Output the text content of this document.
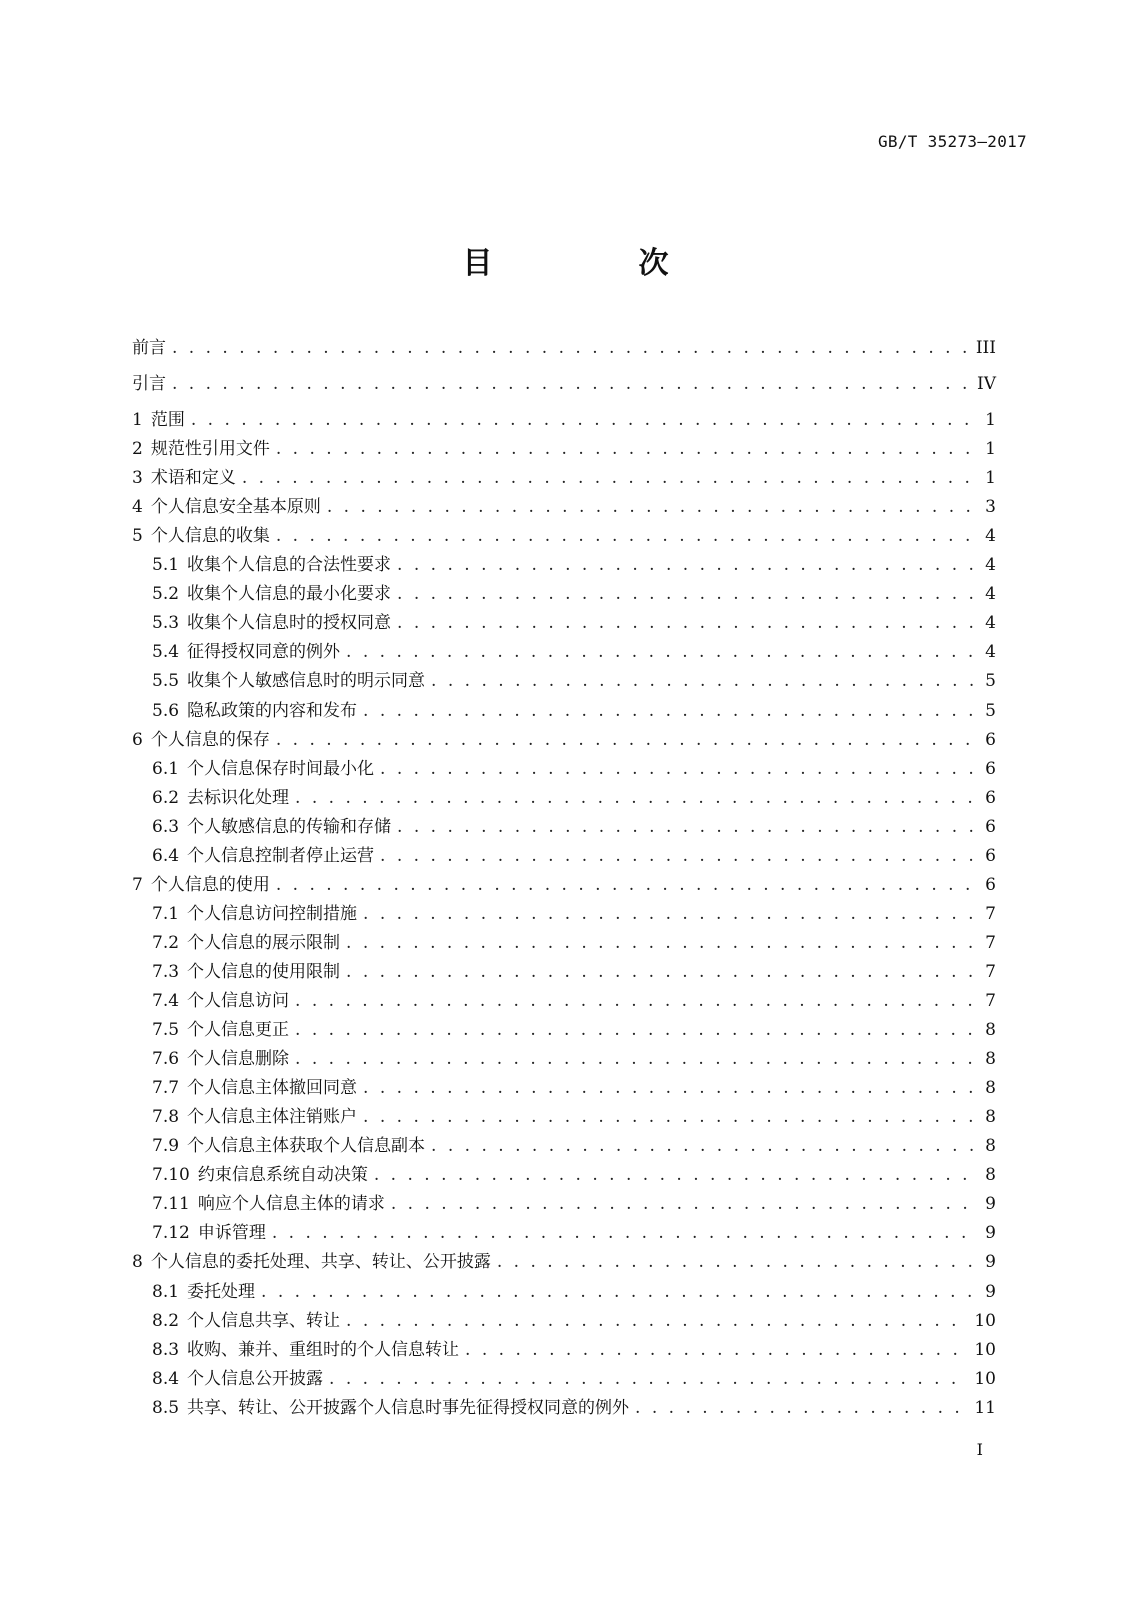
GB/T 35273—2017
目　次
前言 . . .	III
引言 . . .	IV
1 范围 . . .	1
2 规范性引用文件 . . .	1
3 术语和定义 . . .	1
4 个人信息安全基本原则 . . .	3
5 个人信息的收集 . . .	4
5.1 收集个人信息的合法性要求 . . .	4
5.2 收集个人信息的最小化要求 . . .	4
5.3 收集个人信息时的授权同意 . . .	4
5.4 征得授权同意的例外 . . .	4
5.5 收集个人敏感信息时的明示同意 . . .	5
5.6 隐私政策的内容和发布 . . .	5
6 个人信息的保存 . . .	6
6.1 个人信息保存时间最小化 . . .	6
6.2 去标识化处理 . . .	6
6.3 个人敏感信息的传输和存储 . . .	6
6.4 个人信息控制者停止运营 . . .	6
7 个人信息的使用 . . .	6
7.1 个人信息访问控制措施 . . .	7
7.2 个人信息的展示限制 . . .	7
7.3 个人信息的使用限制 . . .	7
7.4 个人信息访问 . . .	7
7.5 个人信息更正 . . .	8
7.6 个人信息删除 . . .	8
7.7 个人信息主体撤回同意 . . .	8
7.8 个人信息主体注销账户 . . .	8
7.9 个人信息主体获取个人信息副本 . . .	8
7.10 约束信息系统自动决策 . . .	8
7.11 响应个人信息主体的请求 . . .	9
7.12 申诉管理 . . .	9
8 个人信息的委托处理、共享、转让、公开披露 . . .	9
8.1 委托处理 . . .	9
8.2 个人信息共享、转让 . . .	10
8.3 收购、兼并、重组时的个人信息转让 . . .	10
8.4 个人信息公开披露 . . .	10
8.5 共享、转让、公开披露个人信息时事先征得授权同意的例外 . . .	11
I
